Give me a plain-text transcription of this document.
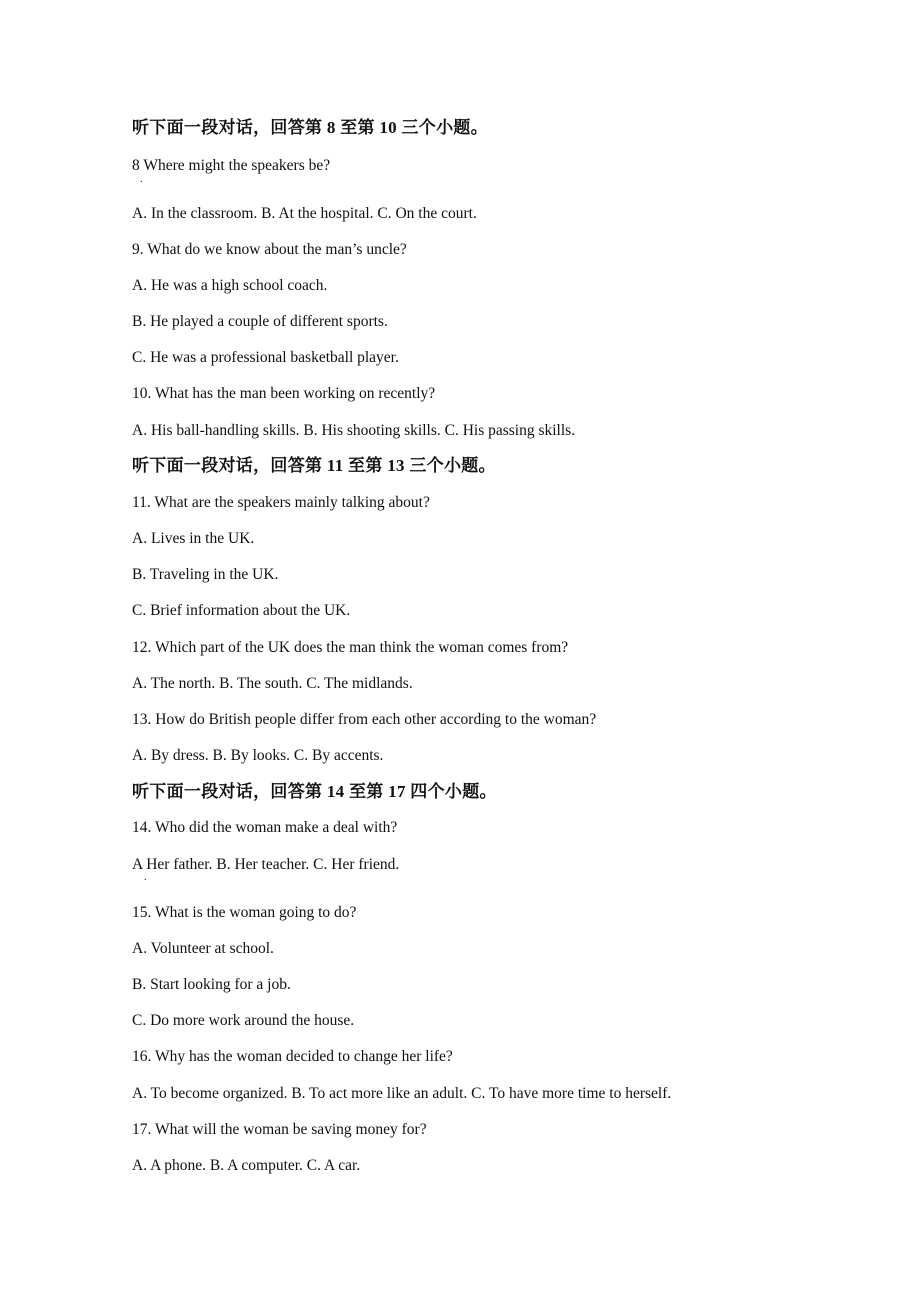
听下面一段对话，回答第 8 至第 10 三个小题。
8 Where might the speakers be?
.
A. In the classroom. B. At the hospital. C. On the court.
9. What do we know about the man’s uncle?
A. He was a high school coach.
B. He played a couple of different sports.
C. He was a professional basketball player.
10. What has the man been working on recently?
A. His ball-handling skills. B. His shooting skills. C. His passing skills.
听下面一段对话，回答第 11 至第 13 三个小题。
11. What are the speakers mainly talking about?
A. Lives in the UK.
B. Traveling in the UK.
C. Brief information about the UK.
12. Which part of the UK does the man think the woman comes from?
A. The north. B. The south. C. The midlands.
13. How do British people differ from each other according to the woman?
A. By dress. B. By looks. C. By accents.
听下面一段对话，回答第 14 至第 17 四个小题。
14. Who did the woman make a deal with?
A Her father. B. Her teacher. C. Her friend.
.
15. What is the woman going to do?
A. Volunteer at school.
B. Start looking for a job.
C. Do more work around the house.
16. Why has the woman decided to change her life?
A. To become organized. B. To act more like an adult. C. To have more time to herself.
17. What will the woman be saving money for?
A. A phone. B. A computer. C. A car.
